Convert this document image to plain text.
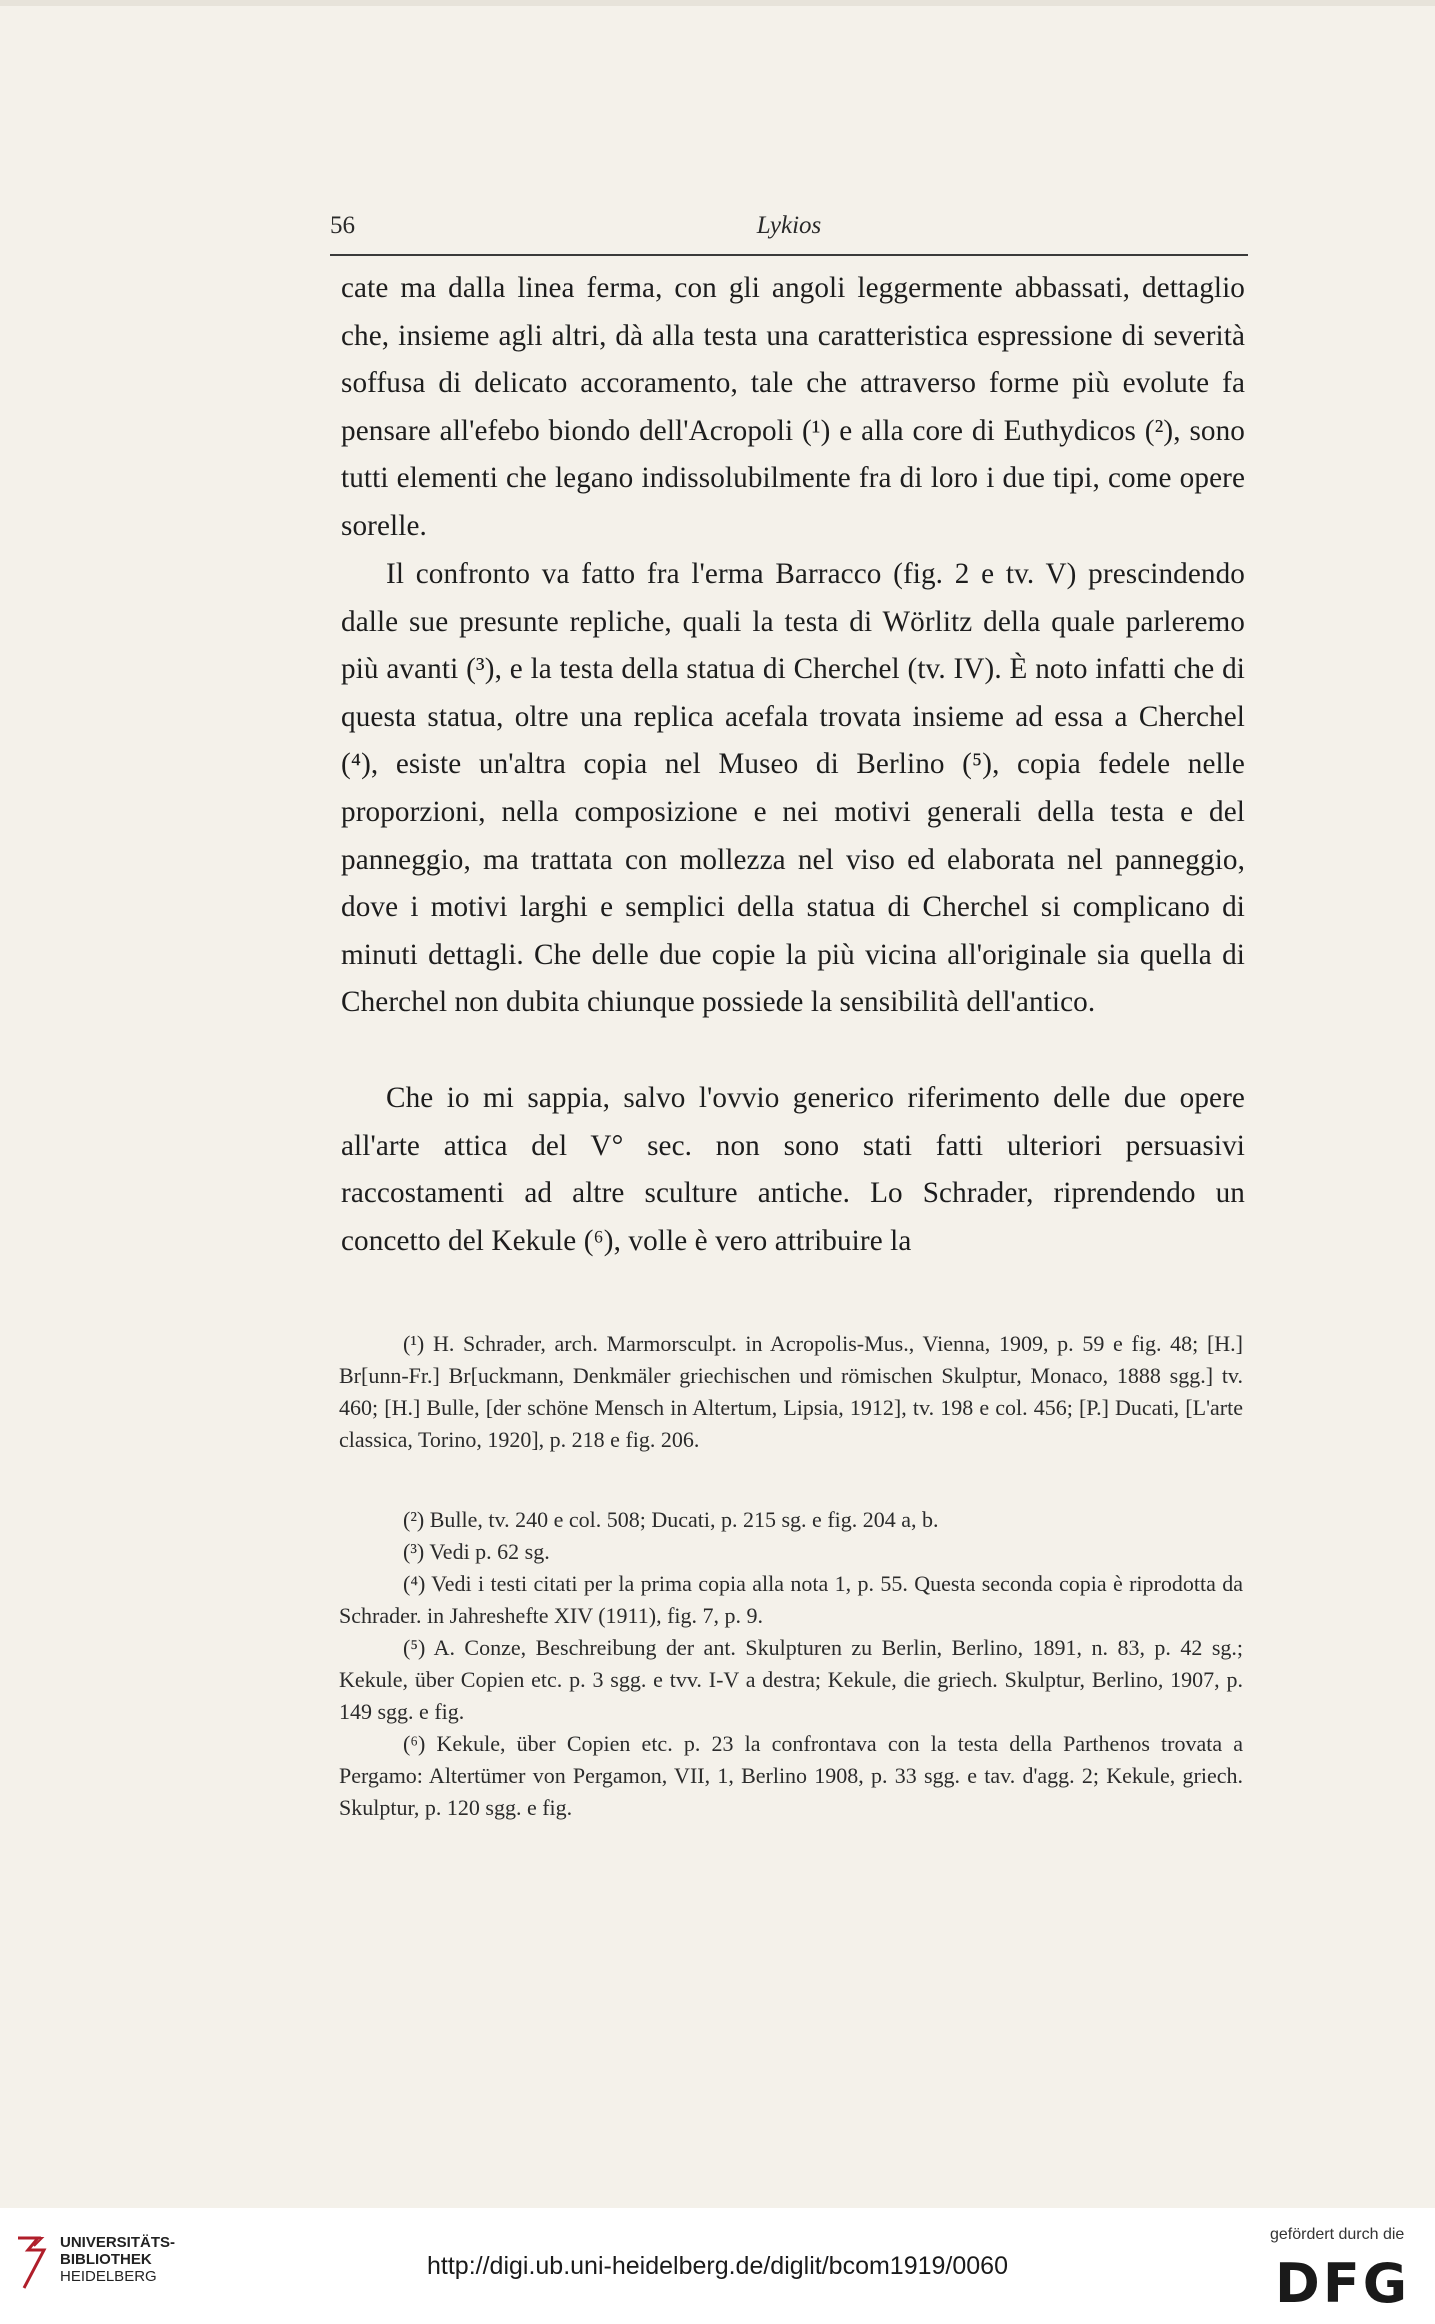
56	Lykios

cate ma dalla linea ferma, con gli angoli leggermente abbassati, dettaglio che, insieme agli altri, dà alla testa una caratteristica espressione di severità soffusa di delicato accoramento, tale che attraverso forme più evolute fa pensare all'efebo biondo dell'Acropoli (¹) e alla core di Euthydicos (²), sono tutti elementi che legano indissolubilmente fra di loro i due tipi, come opere sorelle.

Il confronto va fatto fra l'erma Barracco (fig. 2 e tv. V) prescindendo dalle sue presunte repliche, quali la testa di Wörlitz della quale parleremo più avanti (³), e la testa della statua di Cherchel (tv. IV). È noto infatti che di questa statua, oltre una replica acefala trovata insieme ad essa a Cherchel (⁴), esiste un'altra copia nel Museo di Berlino (⁵), copia fedele nelle proporzioni, nella composizione e nei motivi generali della testa e del panneggio, ma trattata con mollezza nel viso ed elaborata nel panneggio, dove i motivi larghi e semplici della statua di Cherchel si complicano di minuti dettagli. Che delle due copie la più vicina all'originale sia quella di Cherchel non dubita chiunque possiede la sensibilità dell'antico.

Che io mi sappia, salvo l'ovvio generico riferimento delle due opere all'arte attica del V° sec. non sono stati fatti ulteriori persuasivi raccostamenti ad altre sculture antiche. Lo Schrader, riprendendo un concetto del Kekule (⁶), volle è vero attribuire la

(¹) H. Schrader, arch. Marmorsculpt. in Acropolis-Mus., Vienna, 1909, p. 59 e fig. 48; [H.] Br[unn-Fr.] Br[uckmann, Denkmäler griechischen und römischen Skulptur, Monaco, 1888 sgg.] tv. 460; [H.] Bulle, [der schöne Mensch in Altertum, Lipsia, 1912], tv. 198 e col. 456; [P.] Ducati, [L'arte classica, Torino, 1920], p. 218 e fig. 206.

(²) Bulle, tv. 240 e col. 508; Ducati, p. 215 sg. e fig. 204 a, b.

(³) Vedi p. 62 sg.

(⁴) Vedi i testi citati per la prima copia alla nota 1, p. 55. Questa seconda copia è riprodotta da Schrader. in Jahreshefte XIV (1911), fig. 7, p. 9.

(⁵) A. Conze, Beschreibung der ant. Skulpturen zu Berlin, Berlino, 1891, n. 83, p. 42 sg.; Kekule, über Copien etc. p. 3 sgg. e tvv. I-V a destra; Kekule, die griech. Skulptur, Berlino, 1907, p. 149 sgg. e fig.

(⁶) Kekule, über Copien etc. p. 23 la confrontava con la testa della Parthenos trovata a Pergamo: Altertümer von Pergamon, VII, 1, Berlino 1908, p. 33 sgg. e tav. d'agg. 2; Kekule, griech. Skulptur, p. 120 sgg. e fig.

UNIVERSITÄTS-
BIBLIOTHEK
HEIDELBERG	http://digi.ub.uni-heidelberg.de/diglit/bcom1919/0060
gefördert durch die
DFG
